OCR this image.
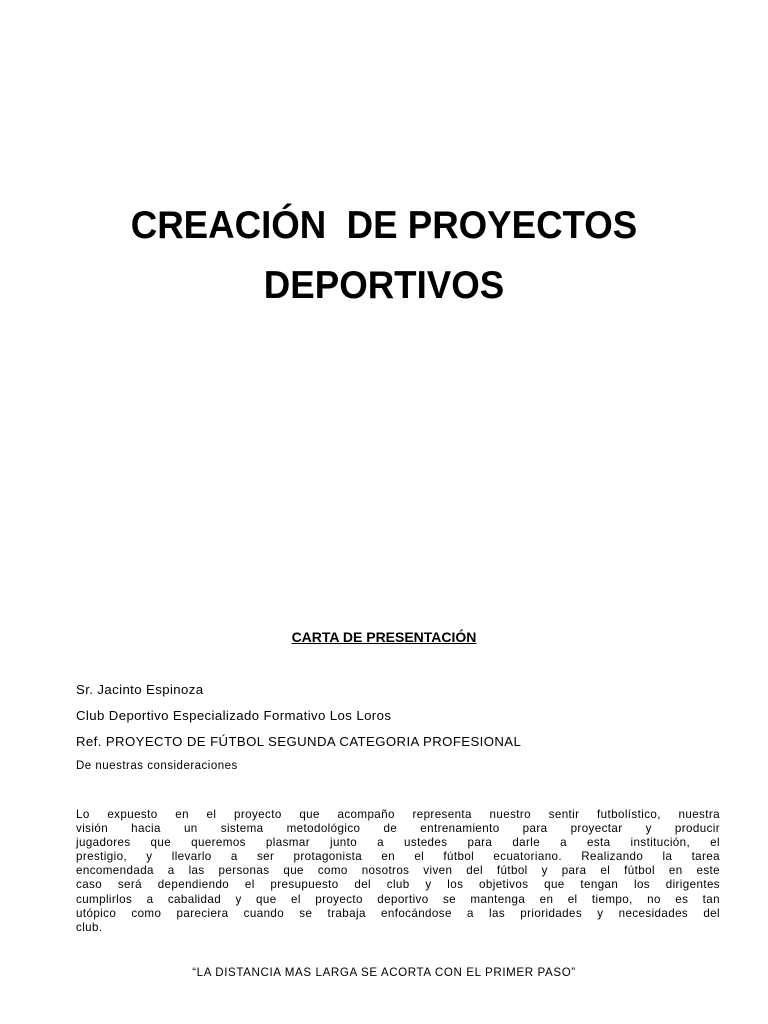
CREACIÓN  DE PROYECTOS
DEPORTIVOS
CARTA DE PRESENTACIÓN
Sr. Jacinto Espinoza
Club Deportivo Especializado Formativo Los Loros
Ref. PROYECTO DE FÚTBOL SEGUNDA CATEGORIA PROFESIONAL
De nuestras consideraciones
Lo expuesto en el proyecto que acompaño representa nuestro sentir futbolístico, nuestra
visión hacia un sistema metodológico de entrenamiento para proyectar y producir
jugadores que queremos plasmar junto a ustedes para darle a esta institución, el
prestigio, y llevarlo a ser protagonista en el fútbol ecuatoriano. Realizando la tarea
encomendada a las personas que como nosotros viven del fútbol y para el fútbol en este
caso será dependiendo el presupuesto del club y los objetivos que tengan los dirigentes
cumplirlos a cabalidad y que el proyecto deportivo se mantenga en el tiempo, no es tan
utópico como pareciera cuando se trabaja enfocándose a las prioridades y necesidades del
club.
“LA DISTANCIA MAS LARGA SE ACORTA CON EL PRIMER PASO”
